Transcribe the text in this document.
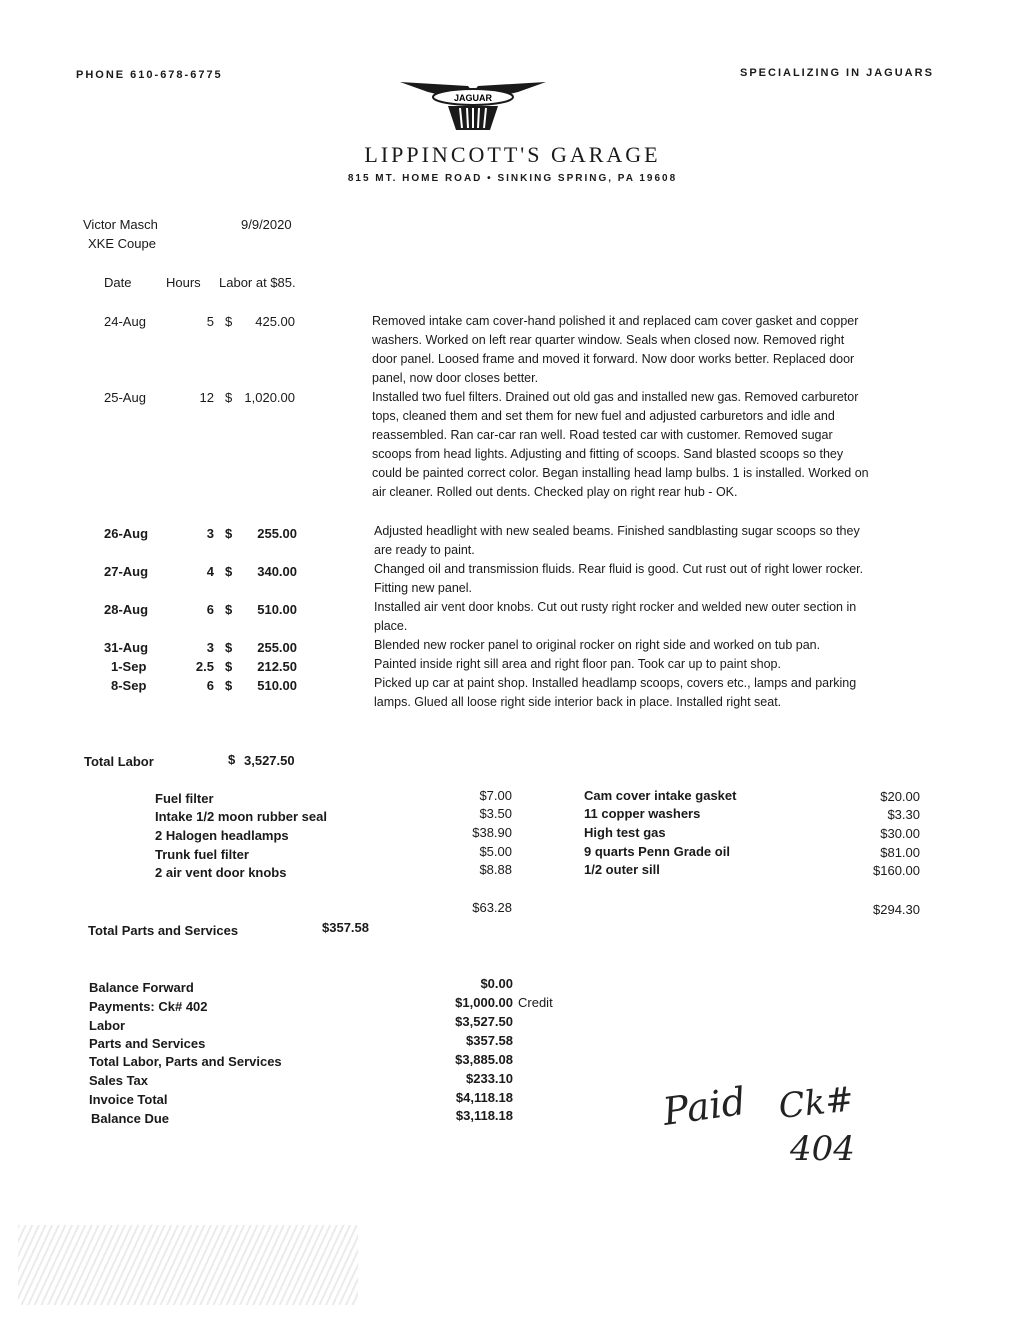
PHONE 610-678-6775	SPECIALIZING IN JAGUARS
JAGUAR
LIPPINCOTT'S GARAGE
815 MT. HOME ROAD • SINKING SPRING, PA 19608
Victor Masch	9/9/2020
XKE Coupe
Date	Hours Labor at $85.
24-Aug	5 $	425.00	Removed intake cam cover-hand polished it and replaced cam cover gasket and copper washers. Worked on left rear quarter window. Seals when closed now. Removed right door panel. Loosed frame and moved it forward. Now door works better. Replaced door panel, now door closes better.
25-Aug	12 $ 1,020.00	Installed two fuel filters. Drained out old gas and installed new gas. Removed carburetor tops, cleaned them and set them for new fuel and adjusted carburetors and idle and reassembled. Ran car-car ran well. Road tested car with customer. Removed sugar scoops from head lights. Adjusting and fitting of scoops. Sand blasted scoops so they could be painted correct color. Began installing head lamp bulbs. 1 is installed. Worked on air cleaner. Rolled out dents. Checked play on right rear hub - OK.
26-Aug	3 $	255.00	Adjusted headlight with new sealed beams. Finished sandblasting sugar scoops so they are ready to paint.
27-Aug	4 $	340.00	Changed oil and transmission fluids. Rear fluid is good. Cut rust out of right lower rocker. Fitting new panel.
28-Aug	6 $	510.00	Installed air vent door knobs. Cut out rusty right rocker and welded new outer section in place.
31-Aug	3 $	255.00	Blended new rocker panel to original rocker on right side and worked on tub pan.
1-Sep	2.5 $	212.50	Painted inside right sill area and right floor pan. Took car up to paint shop.
8-Sep	6 $	510.00	Picked up car at paint shop. Installed headlamp scoops, covers etc., lamps and parking lamps. Glued all loose right side interior back in place. Installed right seat.
Total Labor	$ 3,527.50
Fuel filter	$7.00
Intake 1/2 moon rubber seal	$3.50
2 Halogen headlamps	$38.90
Trunk fuel filter	$5.00
2 air vent door knobs	$8.88
$63.28
Cam cover intake gasket	$20.00
11 copper washers	$3.30
High test gas	$30.00
9 quarts Penn Grade oil	$81.00
1/2 outer sill	$160.00
$294.30
Total Parts and Services	$357.58
Balance Forward	$0.00
Payments: Ck# 402	$1,000.00 Credit
Labor	$3,527.50
Parts and Services	$357.58
Total Labor, Parts and Services	$3,885.08
Sales Tax	$233.10
Invoice Total	$4,118.18
Balance Due	$3,118.18	Paid Ck#
404
